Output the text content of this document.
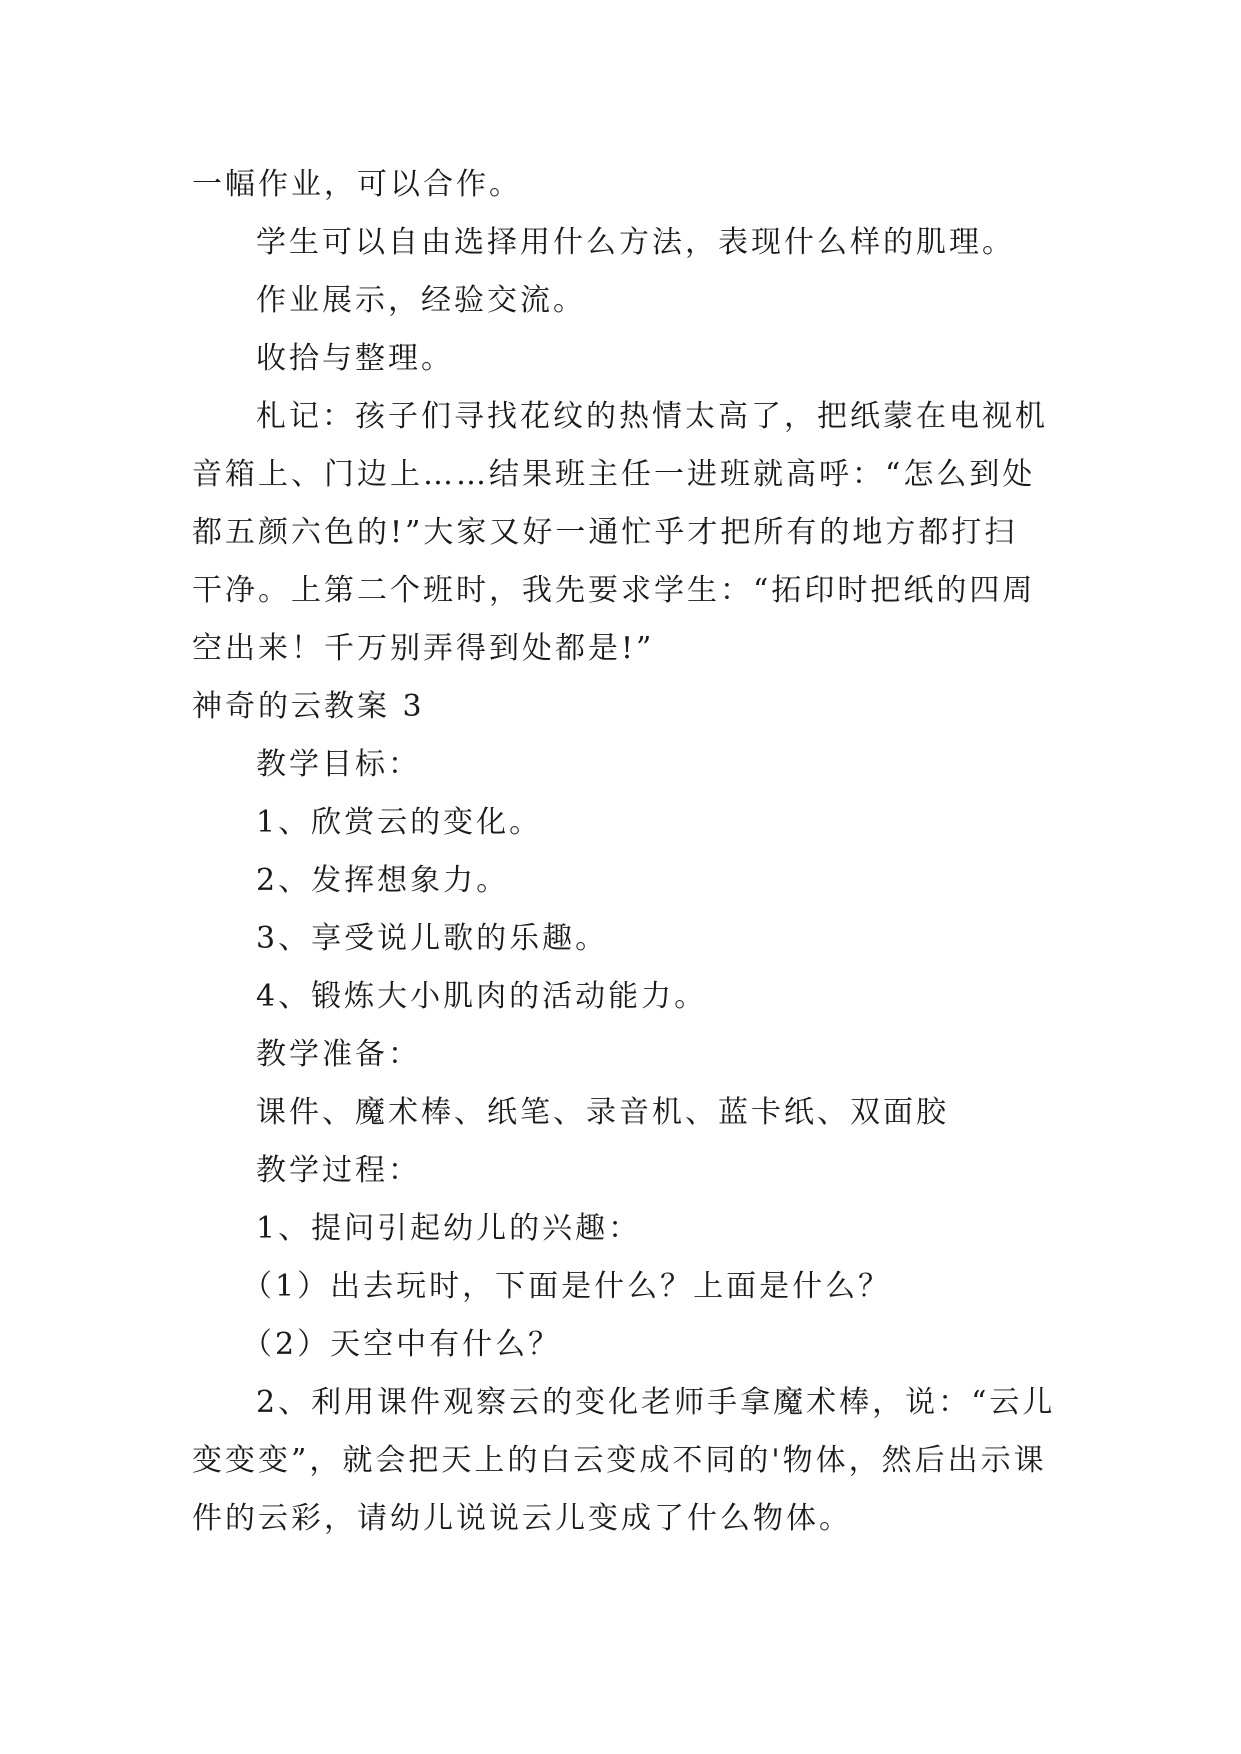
一幅作业，可以合作。
学生可以自由选择用什么方法，表现什么样的肌理。
作业展示，经验交流。
收拾与整理。
札记：孩子们寻找花纹的热情太高了，把纸蒙在电视机
音箱上、门边上……结果班主任一进班就高呼：“怎么到处
都五颜六色的!”大家又好一通忙乎才把所有的地方都打扫
干净。上第二个班时，我先要求学生：“拓印时把纸的四周
空出来！千万别弄得到处都是!”
神奇的云教案 3
教学目标：
1、欣赏云的变化。
2、发挥想象力。
3、享受说儿歌的乐趣。
4、锻炼大小肌肉的活动能力。
教学准备：
课件、魔术棒、纸笔、录音机、蓝卡纸、双面胶
教学过程：
1、提问引起幼儿的兴趣：
（1）出去玩时，下面是什么？上面是什么？
（2）天空中有什么？
2、利用课件观察云的变化老师手拿魔术棒，说：“云儿
变变变”，就会把天上的白云变成不同的'物体，然后出示课
件的云彩，请幼儿说说云儿变成了什么物体。
